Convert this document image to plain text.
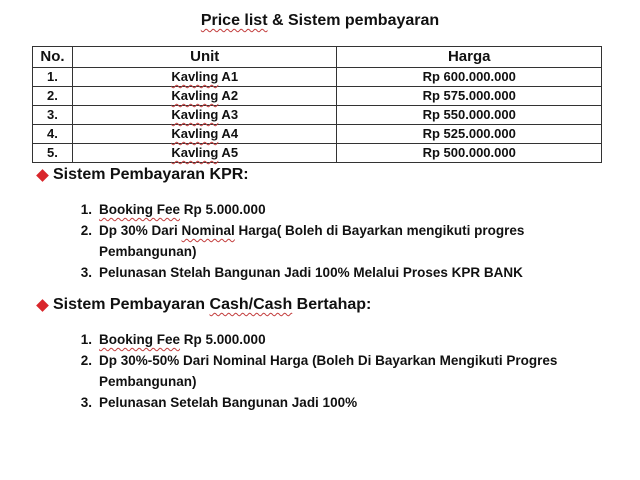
Price list & Sistem pembayaran
No.	Unit	Harga
1.	Kavling A1	Rp 600.000.000
2.	Kavling A2	Rp 575.000.000
3.	Kavling A3	Rp 550.000.000
4.	Kavling A4	Rp 525.000.000
5.	Kavling A5	Rp 500.000.000
Sistem Pembayaran KPR:
1. Booking Fee Rp 5.000.000
2. Dp 30% Dari Nominal Harga( Boleh di Bayarkan mengikuti progres Pembangunan)
3. Pelunasan Stelah Bangunan Jadi 100% Melalui Proses KPR BANK
Sistem Pembayaran Cash/Cash Bertahap:
1. Booking Fee Rp 5.000.000
2. Dp 30%-50% Dari Nominal Harga (Boleh Di Bayarkan Mengikuti Progres Pembangunan)
3. Pelunasan Setelah Bangunan Jadi 100%
